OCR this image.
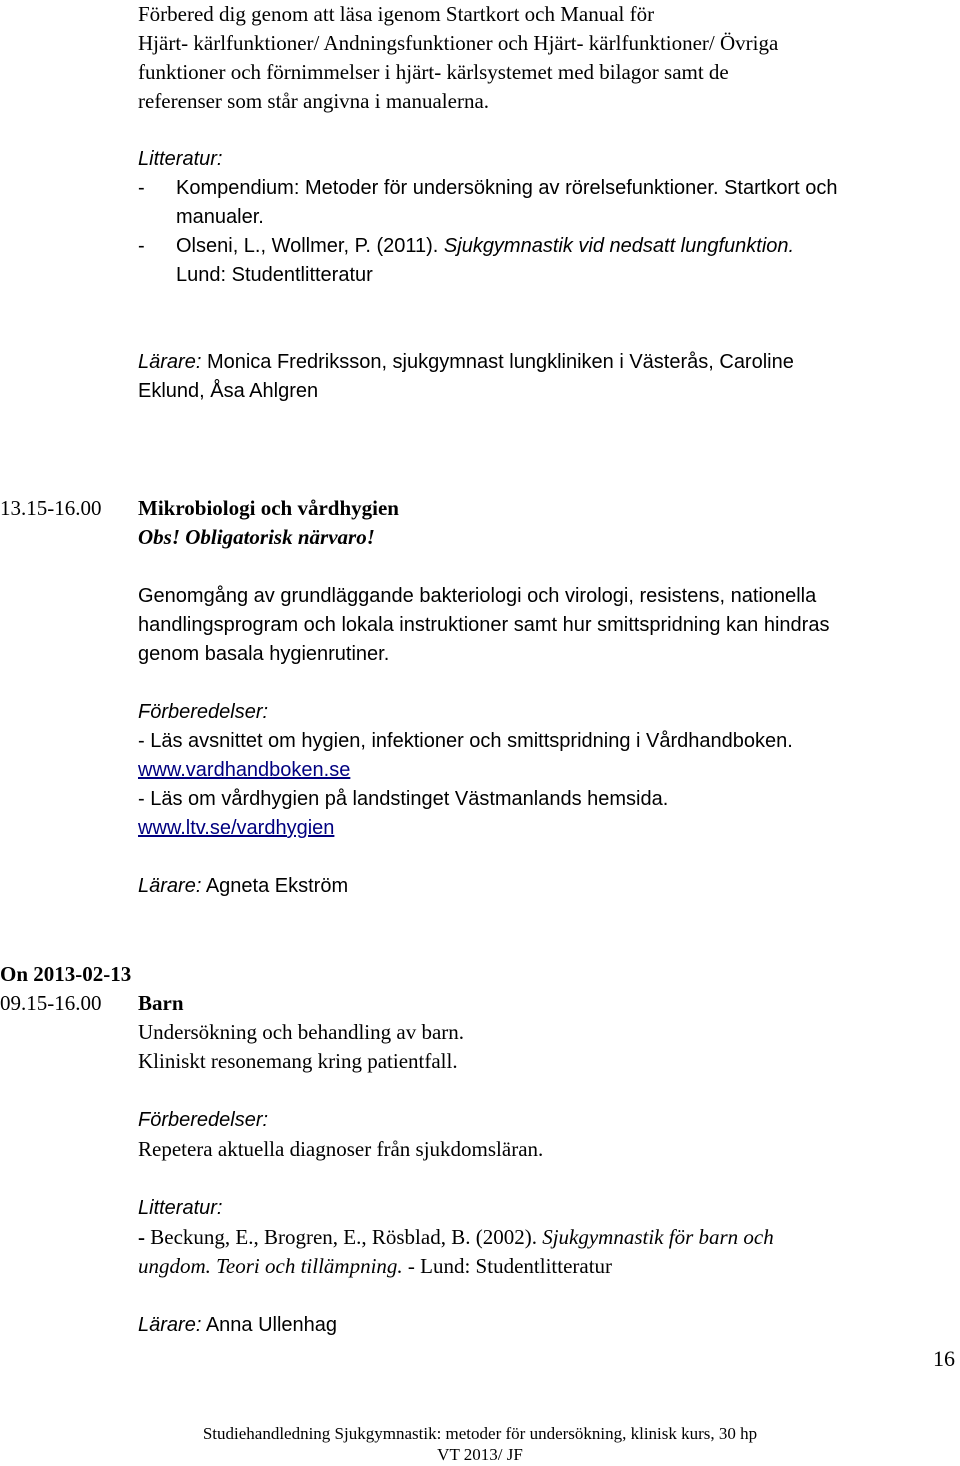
Förbered dig genom att läsa igenom Startkort och Manual för
Hjärt- kärlfunktioner/ Andningsfunktioner och Hjärt- kärlfunktioner/ Övriga
funktioner och förnimmelser i hjärt- kärlsystemet med bilagor samt de
referenser som står angivna i manualerna.
Litteratur:
- Kompendium: Metoder för undersökning av rörelsefunktioner. Startkort och
manualer.
- Olseni, L., Wollmer, P. (2011). Sjukgymnastik vid nedsatt lungfunktion.
Lund: Studentlitteratur
Lärare: Monica Fredriksson, sjukgymnast lungkliniken i Västerås, Caroline
Eklund, Åsa Ahlgren
13.15-16.00 Mikrobiologi och vårdhygien
Obs! Obligatorisk närvaro!
Genomgång av grundläggande bakteriologi och virologi, resistens, nationella
handlingsprogram och lokala instruktioner samt hur smittspridning kan hindras
genom basala hygienrutiner.
Förberedelser:
- Läs avsnittet om hygien, infektioner och smittspridning i Vårdhandboken.
www.vardhandboken.se
- Läs om vårdhygien på landstinget Västmanlands hemsida.
www.ltv.se/vardhygien
Lärare: Agneta Ekström
On 2013-02-13
09.15-16.00 Barn
Undersökning och behandling av barn.
Kliniskt resonemang kring patientfall.
Förberedelser:
Repetera aktuella diagnoser från sjukdomsläran.
Litteratur:
- Beckung, E., Brogren, E., Rösblad, B. (2002). Sjukgymnastik för barn och
ungdom. Teori och tillämpning. - Lund: Studentlitteratur
Lärare: Anna Ullenhag
16
Studiehandledning Sjukgymnastik: metoder för undersökning, klinisk kurs, 30 hp
VT 2013/ JF
